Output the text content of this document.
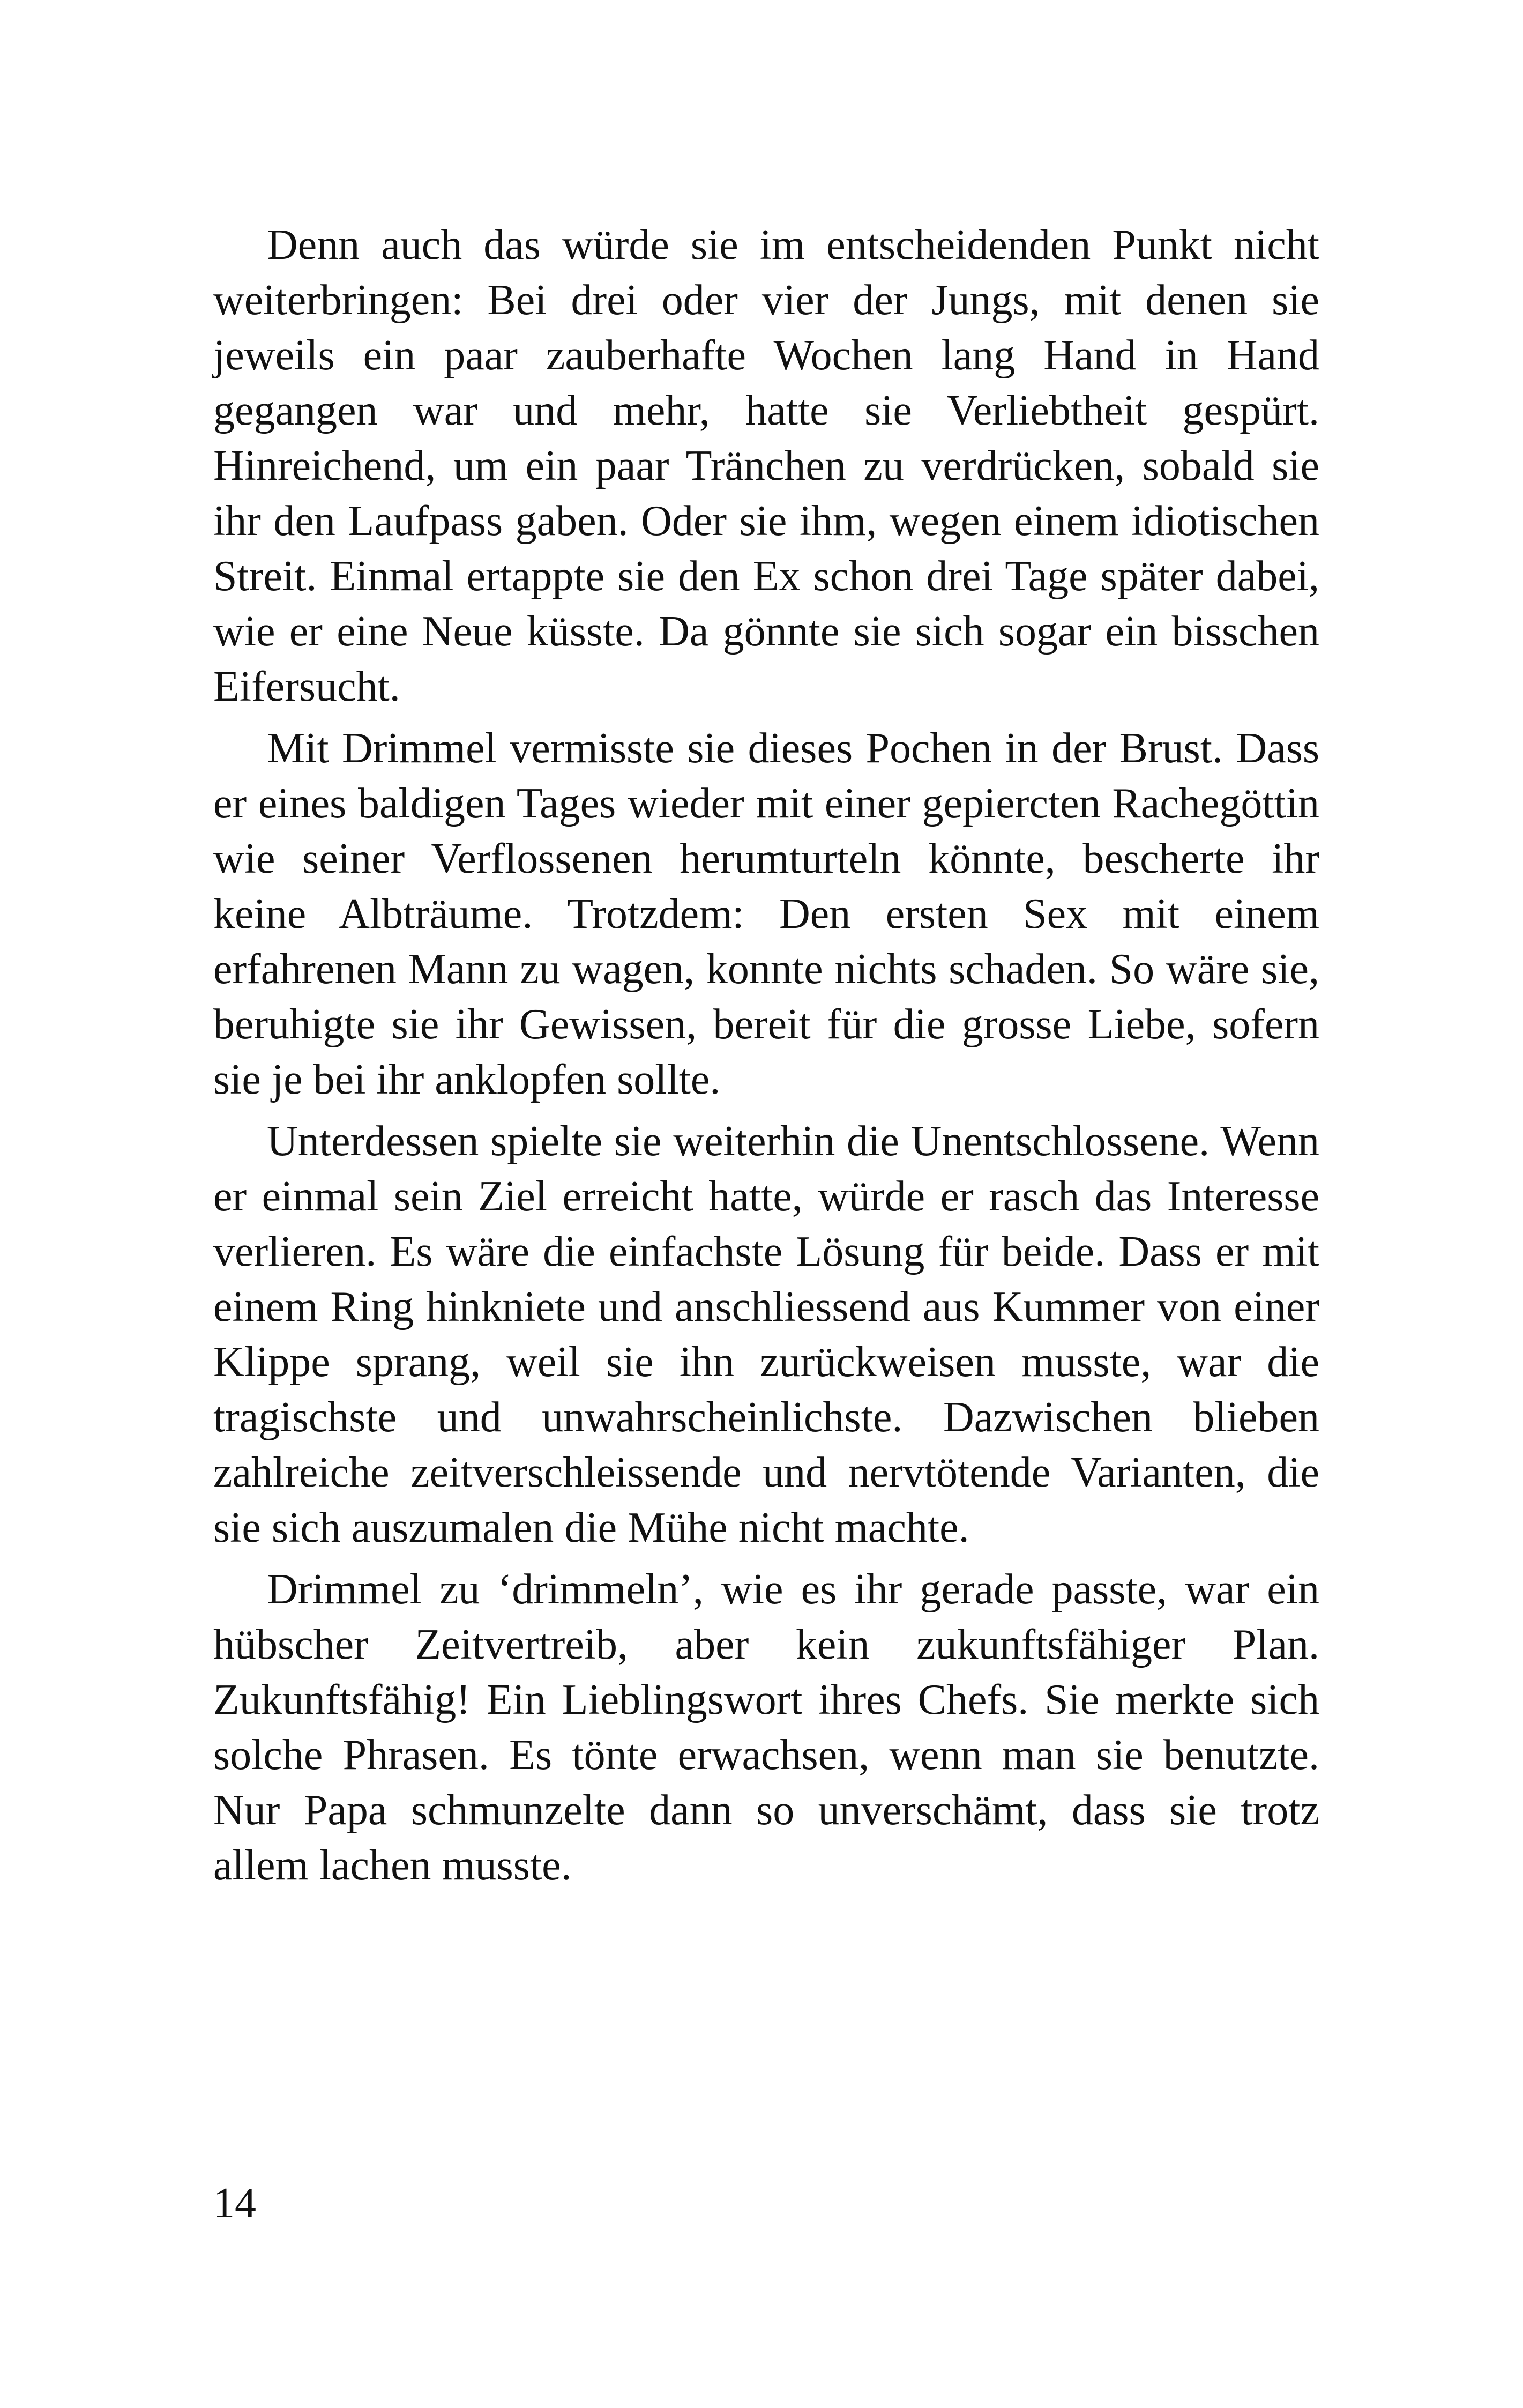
Denn auch das würde sie im entscheidenden Punkt nicht weiterbringen: Bei drei oder vier der Jungs, mit denen sie jeweils ein paar zauberhafte Wochen lang Hand in Hand gegangen war und mehr, hatte sie Verliebtheit gespürt. Hinreichend, um ein paar Tränchen zu verdrücken, sobald sie ihr den Laufpass gaben. Oder sie ihm, wegen einem idiotischen Streit. Einmal ertappte sie den Ex schon drei Tage später dabei, wie er eine Neue küsste. Da gönnte sie sich sogar ein bisschen Eifersucht.

Mit Drimmel vermisste sie dieses Pochen in der Brust. Dass er eines baldigen Tages wieder mit einer gepiercten Rachegöttin wie seiner Verflossenen herumturteln könnte, bescherte ihr keine Albträume. Trotzdem: Den ersten Sex mit einem erfahrenen Mann zu wagen, konnte nichts schaden. So wäre sie, beruhigte sie ihr Gewissen, bereit für die grosse Liebe, sofern sie je bei ihr anklopfen sollte.

Unterdessen spielte sie weiterhin die Unentschlossene. Wenn er einmal sein Ziel erreicht hatte, würde er rasch das Interesse verlieren. Es wäre die einfachste Lösung für beide. Dass er mit einem Ring hinkniete und anschliessend aus Kummer von einer Klippe sprang, weil sie ihn zurückweisen musste, war die tragischste und unwahrscheinlichste. Dazwischen blieben zahlreiche zeitverschleissende und nervtötende Varianten, die sie sich auszumalen die Mühe nicht machte.

Drimmel zu ‘drimmeln’, wie es ihr gerade passte, war ein hübscher Zeitvertreib, aber kein zukunftsfähiger Plan. Zukunftsfähig! Ein Lieblingswort ihres Chefs. Sie merkte sich solche Phrasen. Es tönte erwachsen, wenn man sie benutzte. Nur Papa schmunzelte dann so unverschämt, dass sie trotz allem lachen musste.

14
